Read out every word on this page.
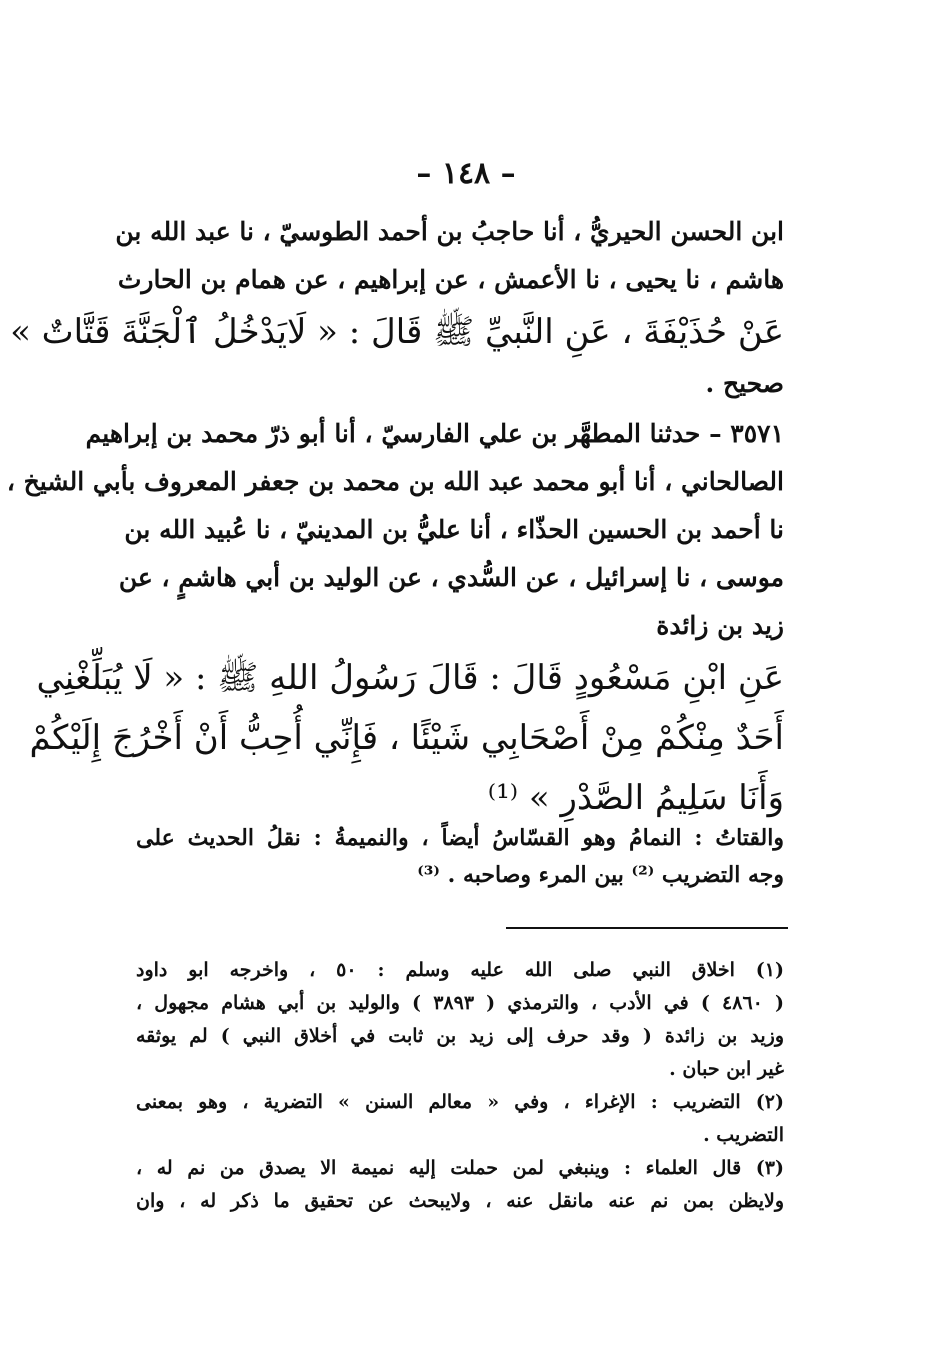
– ١٤٨ –
ابن الحسن الحيريُّ ، أنا حاجبُ بن أحمد الطوسيّ ، نا عبد الله بن
هاشم ، نا يحيى ، نا الأعمش ، عن إبراهيم ، عن همام بن الحارث
عَنْ حُذَيْفَةَ ، عَنِ النَّبيِّ ﷺ قَالَ : « لَايَدْخُلُ ٱلْجَنَّةَ قَتَّاتٌ »
صحيح .
٣٥٧١ – حدثنا المطهَّر بن علي الفارسيّ ، أنا أبو ذرّ محمد بن إبراهيم
الصالحاني ، أنا أبو محمد عبد الله بن محمد بن جعفر المعروف بأبي الشيخ ،
نا أحمد بن الحسين الحذّاء ، أنا عليُّ بن المدينيّ ، نا عُبيد الله بن
موسى ، نا إسرائيل ، عن السُّدي ، عن الوليد بن أبي هاشمٍ ، عن
زيد بن زائدة
عَنِ ابْنِ مَسْعُودٍ قَالَ : قَالَ رَسُولُ اللهِ ﷺ : « لَا يُبَلِّغْنِي
أَحَدٌ مِنْكُمْ مِنْ أَصْحَابِي شَيْئًا ، فَإِنِّي أُحِبُّ أَنْ أَخْرُجَ إِلَيْكُمْ
وَأَنَا سَلِيمُ الصَّدْرِ » ⁽¹⁾
والقتاتُ : النمامُ وهو القسّاسُ أيضاً ، والنميمةُ : نقلُ الحديث على
وجه التضريب ⁽²⁾ بين المرء وصاحبه . ⁽³⁾
(١) اخلاق النبي صلى الله عليه وسلم : ٥٠ ، واخرجه ابو داود
( ٤٨٦٠ ) في الأدب ، والترمذي ( ٣٨٩٣ ) والوليد بن أبي هشام مجهول ،
وزيد بن زائدة ( وقد حرف إلى زيد بن ثابت في أخلاق النبي ) لم يوثقه
غير ابن حبان .
(٢) التضريب : الإغراء ، وفي « معالم السنن » التضرية ، وهو بمعنى
التضريب .
(٣) قال العلماء : وينبغي لمن حملت إليه نميمة الا يصدق من نم له ،
ولايظن بمن نم عنه مانقل عنه ، ولايبحث عن تحقيق ما ذكر له ، وان
